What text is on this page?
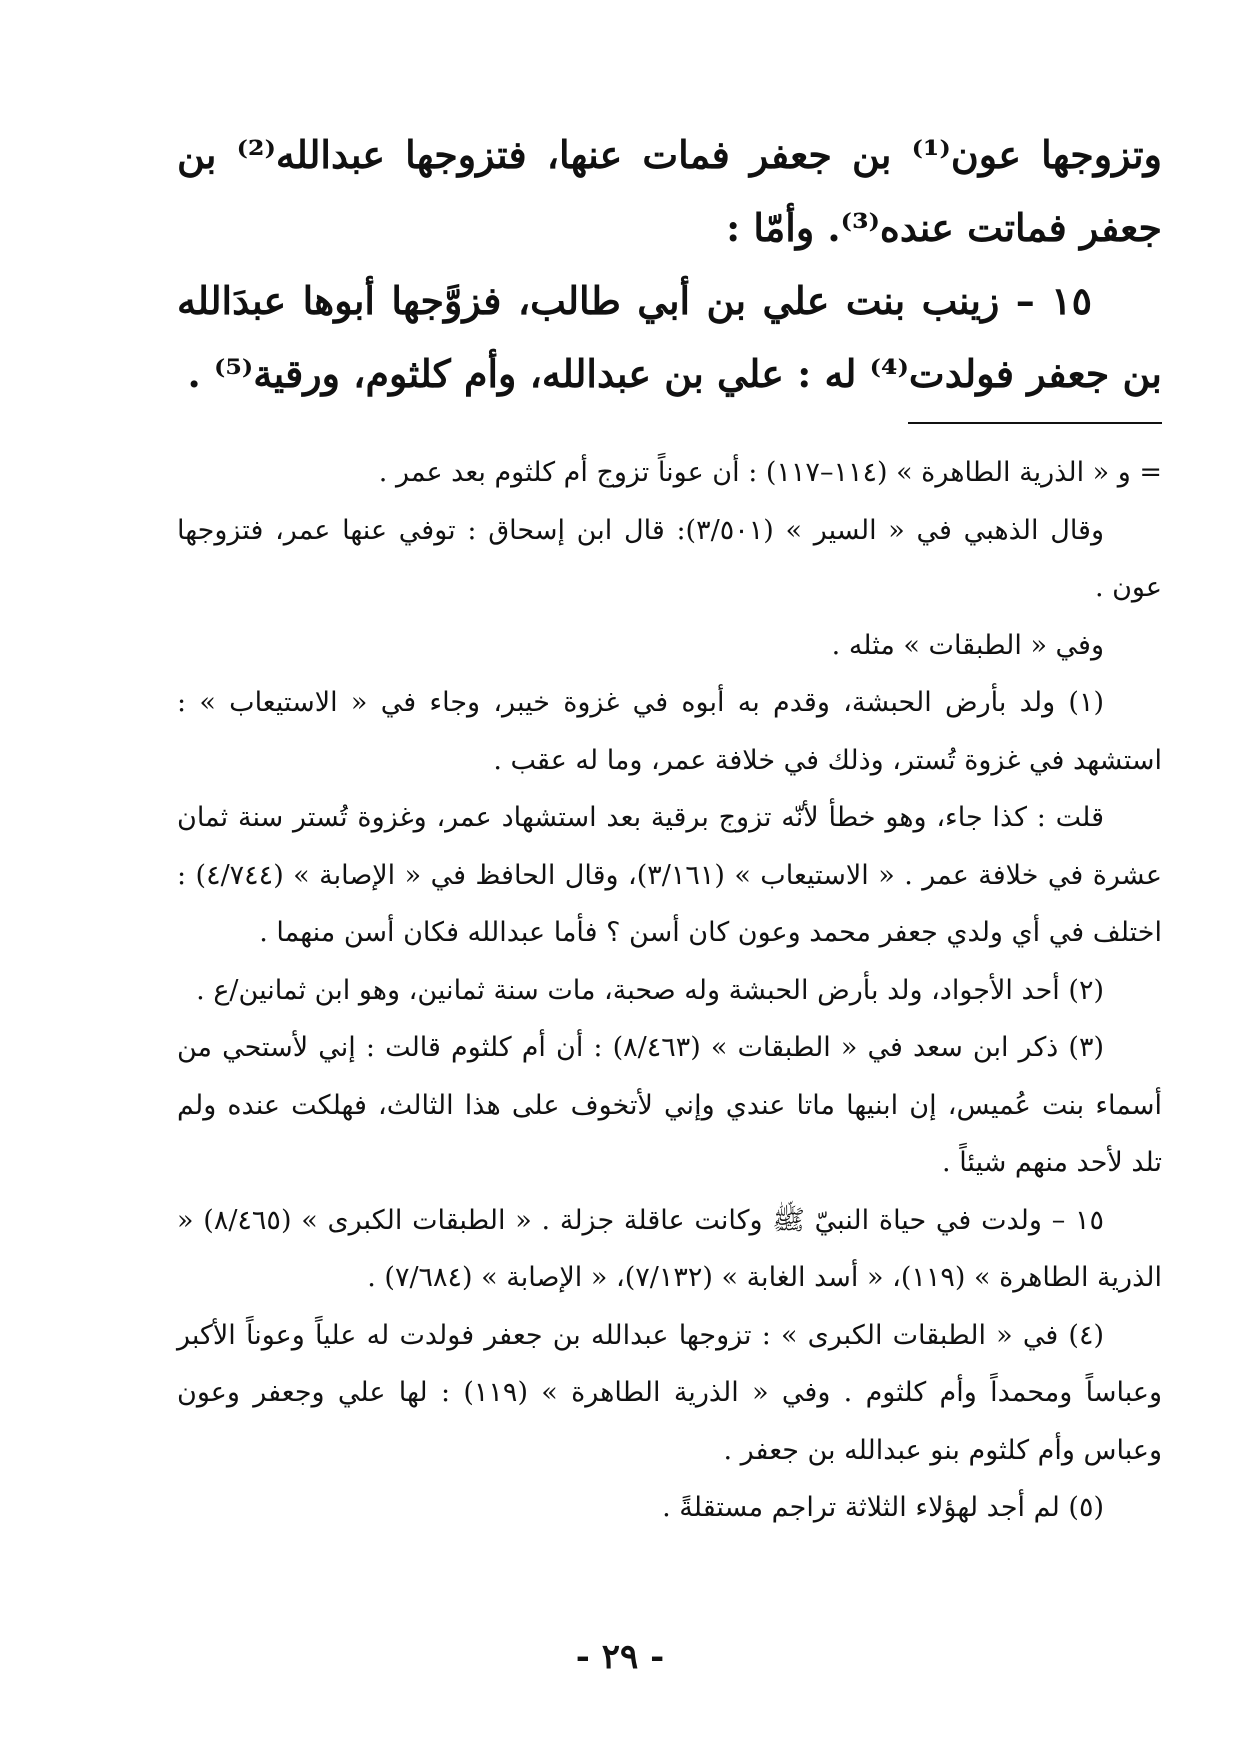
وتزوجها عون⁽¹⁾ بن جعفر فمات عنها، فتزوجها عبدالله⁽²⁾ بن جعفر فماتت عنده⁽³⁾. وأمّا :

١٥ – زينب بنت علي بن أبي طالب، فزوَّجها أبوها عبدَالله بن جعفر فولدت⁽⁴⁾ له : علي بن عبدالله، وأم كلثوم، ورقية⁽⁵⁾ .

= و « الذرية الطاهرة » (١١٤–١١٧) : أن عوناً تزوج أم كلثوم بعد عمر .

وقال الذهبي في « السير » (٣/٥٠١): قال ابن إسحاق : توفي عنها عمر، فتزوجها عون .

وفي « الطبقات » مثله .

(١) ولد بأرض الحبشة، وقدم به أبوه في غزوة خيبر، وجاء في « الاستيعاب » : استشهد في غزوة تُستر، وذلك في خلافة عمر، وما له عقب .

قلت : كذا جاء، وهو خطأ لأنّه تزوج برقية بعد استشهاد عمر، وغزوة تُستر سنة ثمان عشرة في خلافة عمر . « الاستيعاب » (٣/١٦١)، وقال الحافظ في « الإصابة » (٤/٧٤٤) : اختلف في أي ولدي جعفر محمد وعون كان أسن ؟ فأما عبدالله فكان أسن منهما .

(٢) أحد الأجواد، ولد بأرض الحبشة وله صحبة، مات سنة ثمانين، وهو ابن ثمانين/ع .

(٣) ذكر ابن سعد في « الطبقات » (٨/٤٦٣) : أن أم كلثوم قالت : إني لأستحي من أسماء بنت عُميس، إن ابنيها ماتا عندي وإني لأتخوف على هذا الثالث، فهلكت عنده ولم تلد لأحد منهم شيئاً .

١٥ – ولدت في حياة النبيّ ﷺ وكانت عاقلة جزلة . « الطبقات الكبرى » (٨/٤٦٥) « الذرية الطاهرة » (١١٩)، « أسد الغابة » (٧/١٣٢)، « الإصابة » (٧/٦٨٤) .

(٤) في « الطبقات الكبرى » : تزوجها عبدالله بن جعفر فولدت له علياً وعوناً الأكبر وعباساً ومحمداً وأم كلثوم . وفي « الذرية الطاهرة » (١١٩) : لها علي وجعفر وعون وعباس وأم كلثوم بنو عبدالله بن جعفر .

(٥) لم أجد لهؤلاء الثلاثة تراجم مستقلةً .

- ٢٩ -
